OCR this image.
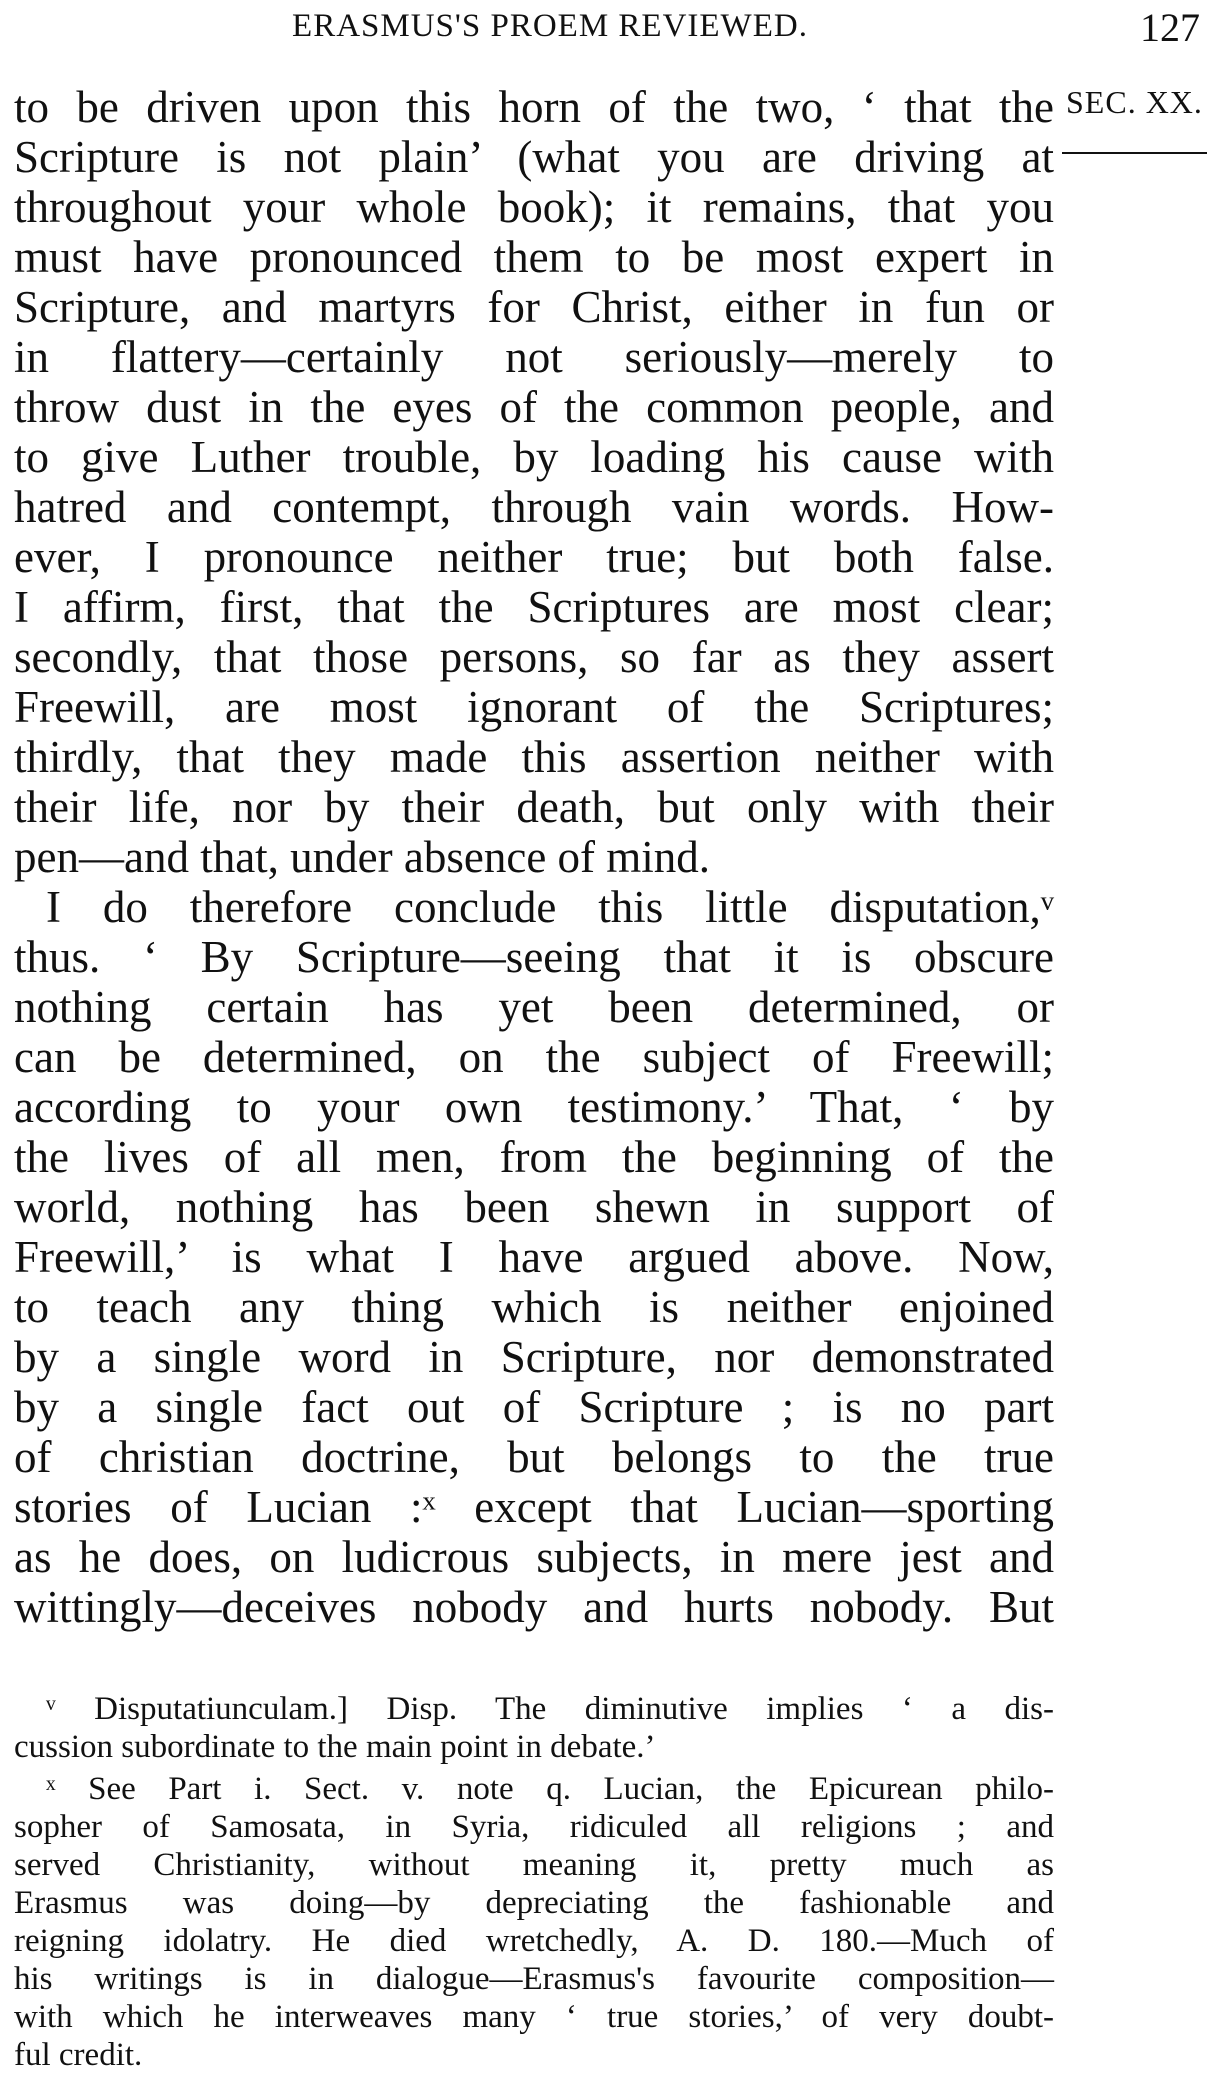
ERASMUS'S PROEM REVIEWED.	127
SEC. XX.
to be driven upon this horn of the two, ‘ that the
Scripture is not plain’ (what you are driving at
throughout your whole book); it remains, that you
must have pronounced them to be most expert in
Scripture, and martyrs for Christ, either in fun or
in flattery—certainly not seriously—merely to
throw dust in the eyes of the common people, and
to give Luther trouble, by loading his cause with
hatred and contempt, through vain words. How-
ever, I pronounce neither true; but both false.
I affirm, first, that the Scriptures are most clear;
secondly, that those persons, so far as they assert
Freewill, are most ignorant of the Scriptures;
thirdly, that they made this assertion neither with
their life, nor by their death, but only with their
pen—and that, under absence of mind.
I do therefore conclude this little disputation,ᵛ
thus. ‘ By Scripture—seeing that it is obscure
nothing certain has yet been determined, or
can be determined, on the subject of Freewill;
according to your own testimony.’ That, ‘ by
the lives of all men, from the beginning of the
world, nothing has been shewn in support of
Freewill,’ is what I have argued above. Now,
to teach any thing which is neither enjoined
by a single word in Scripture, nor demonstrated
by a single fact out of Scripture ; is no part
of christian doctrine, but belongs to the true
stories of Lucian :ˣ except that Lucian—sporting
as he does, on ludicrous subjects, in mere jest and
wittingly—deceives nobody and hurts nobody. But
ᵛ Disputatiunculam.] Disp. The diminutive implies ‘ a dis-
cussion subordinate to the main point in debate.’
ˣ See Part i. Sect. v. note q. Lucian, the Epicurean philo-
sopher of Samosata, in Syria, ridiculed all religions ; and
served Christianity, without meaning it, pretty much as
Erasmus was doing—by depreciating the fashionable and
reigning idolatry. He died wretchedly, A. D. 180.—Much of
his writings is in dialogue—Erasmus's favourite composition—
with which he interweaves many ‘ true stories,’ of very doubt-
ful credit.
